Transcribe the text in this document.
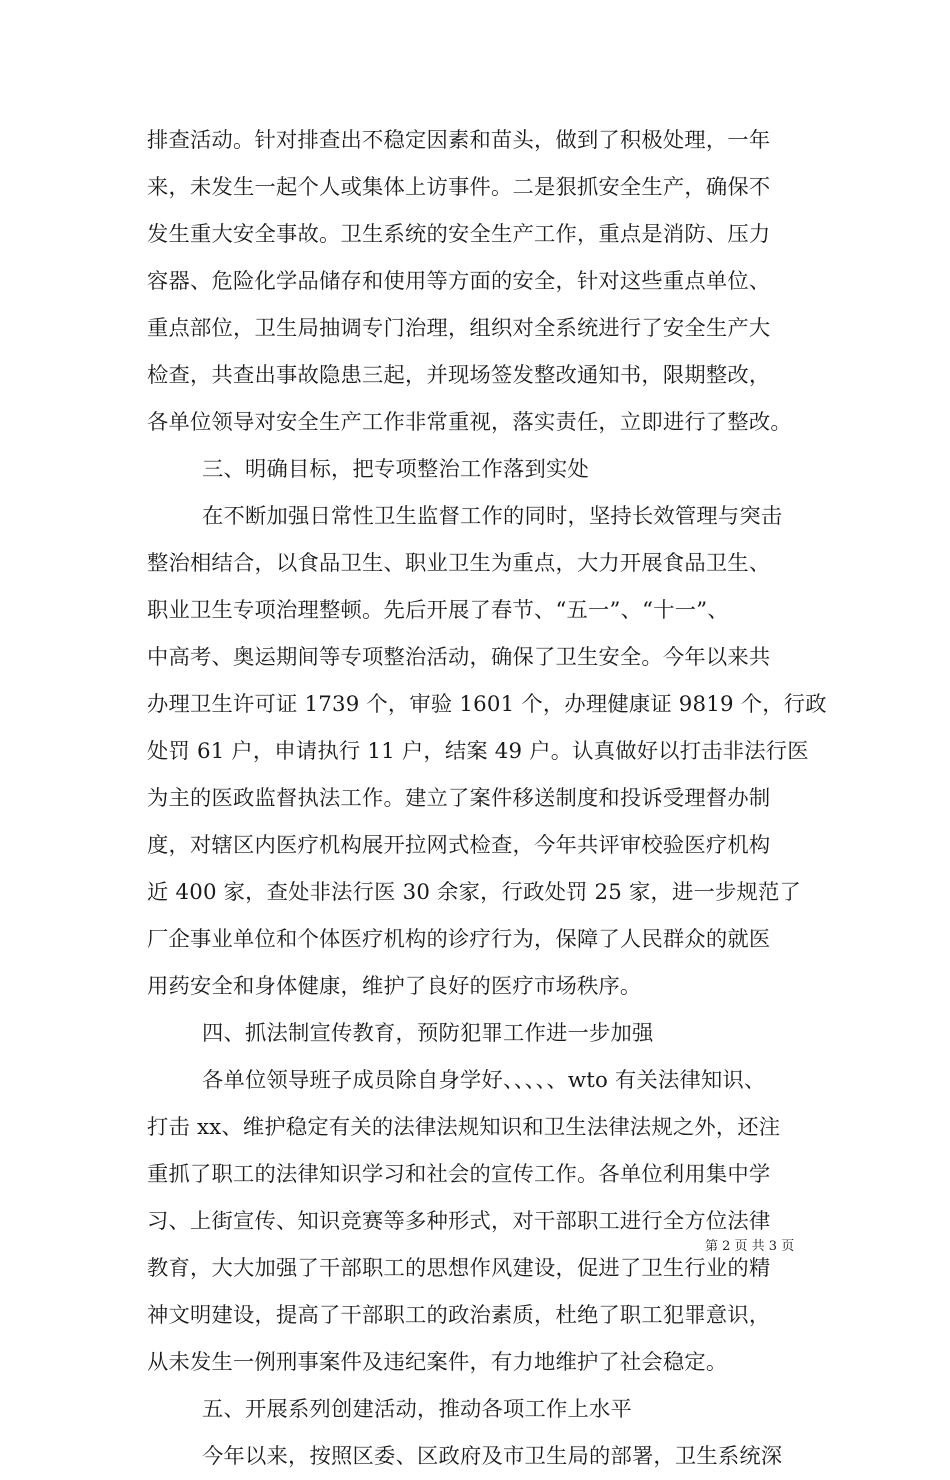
排查活动。针对排查出不稳定因素和苗头，做到了积极处理，一年
来，未发生一起个人或集体上访事件。二是狠抓安全生产，确保不
发生重大安全事故。卫生系统的安全生产工作，重点是消防、压力
容器、危险化学品储存和使用等方面的安全，针对这些重点单位、
重点部位，卫生局抽调专门治理，组织对全系统进行了安全生产大
检查，共查出事故隐患三起，并现场签发整改通知书，限期整改，
各单位领导对安全生产工作非常重视，落实责任，立即进行了整改。
三、明确目标，把专项整治工作落到实处
在不断加强日常性卫生监督工作的同时，坚持长效管理与突击
整治相结合，以食品卫生、职业卫生为重点，大力开展食品卫生、
职业卫生专项治理整顿。先后开展了春节、“五一”、“十一”、
中高考、奥运期间等专项整治活动，确保了卫生安全。今年以来共
办理卫生许可证 1739 个，审验 1601 个，办理健康证 9819 个，行政
处罚 61 户，申请执行 11 户，结案 49 户。认真做好以打击非法行医
为主的医政监督执法工作。建立了案件移送制度和投诉受理督办制
度，对辖区内医疗机构展开拉网式检查，今年共评审校验医疗机构
近 400 家，查处非法行医 30 余家，行政处罚 25 家，进一步规范了
厂企事业单位和个体医疗机构的诊疗行为，保障了人民群众的就医
用药安全和身体健康，维护了良好的医疗市场秩序。
四、抓法制宣传教育，预防犯罪工作进一步加强
各单位领导班子成员除自身学好、、、、、wto 有关法律知识、
打击 xx、维护稳定有关的法律法规知识和卫生法律法规之外，还注
重抓了职工的法律知识学习和社会的宣传工作。各单位利用集中学
习、上街宣传、知识竞赛等多种形式，对干部职工进行全方位法律
教育，大大加强了干部职工的思想作风建设，促进了卫生行业的精
神文明建设，提高了干部职工的政治素质，杜绝了职工犯罪意识，
从未发生一例刑事案件及违纪案件，有力地维护了社会稳定。
五、开展系列创建活动，推动各项工作上水平
今年以来，按照区委、区政府及市卫生局的部署，卫生系统深
第 2 页 共 3 页
